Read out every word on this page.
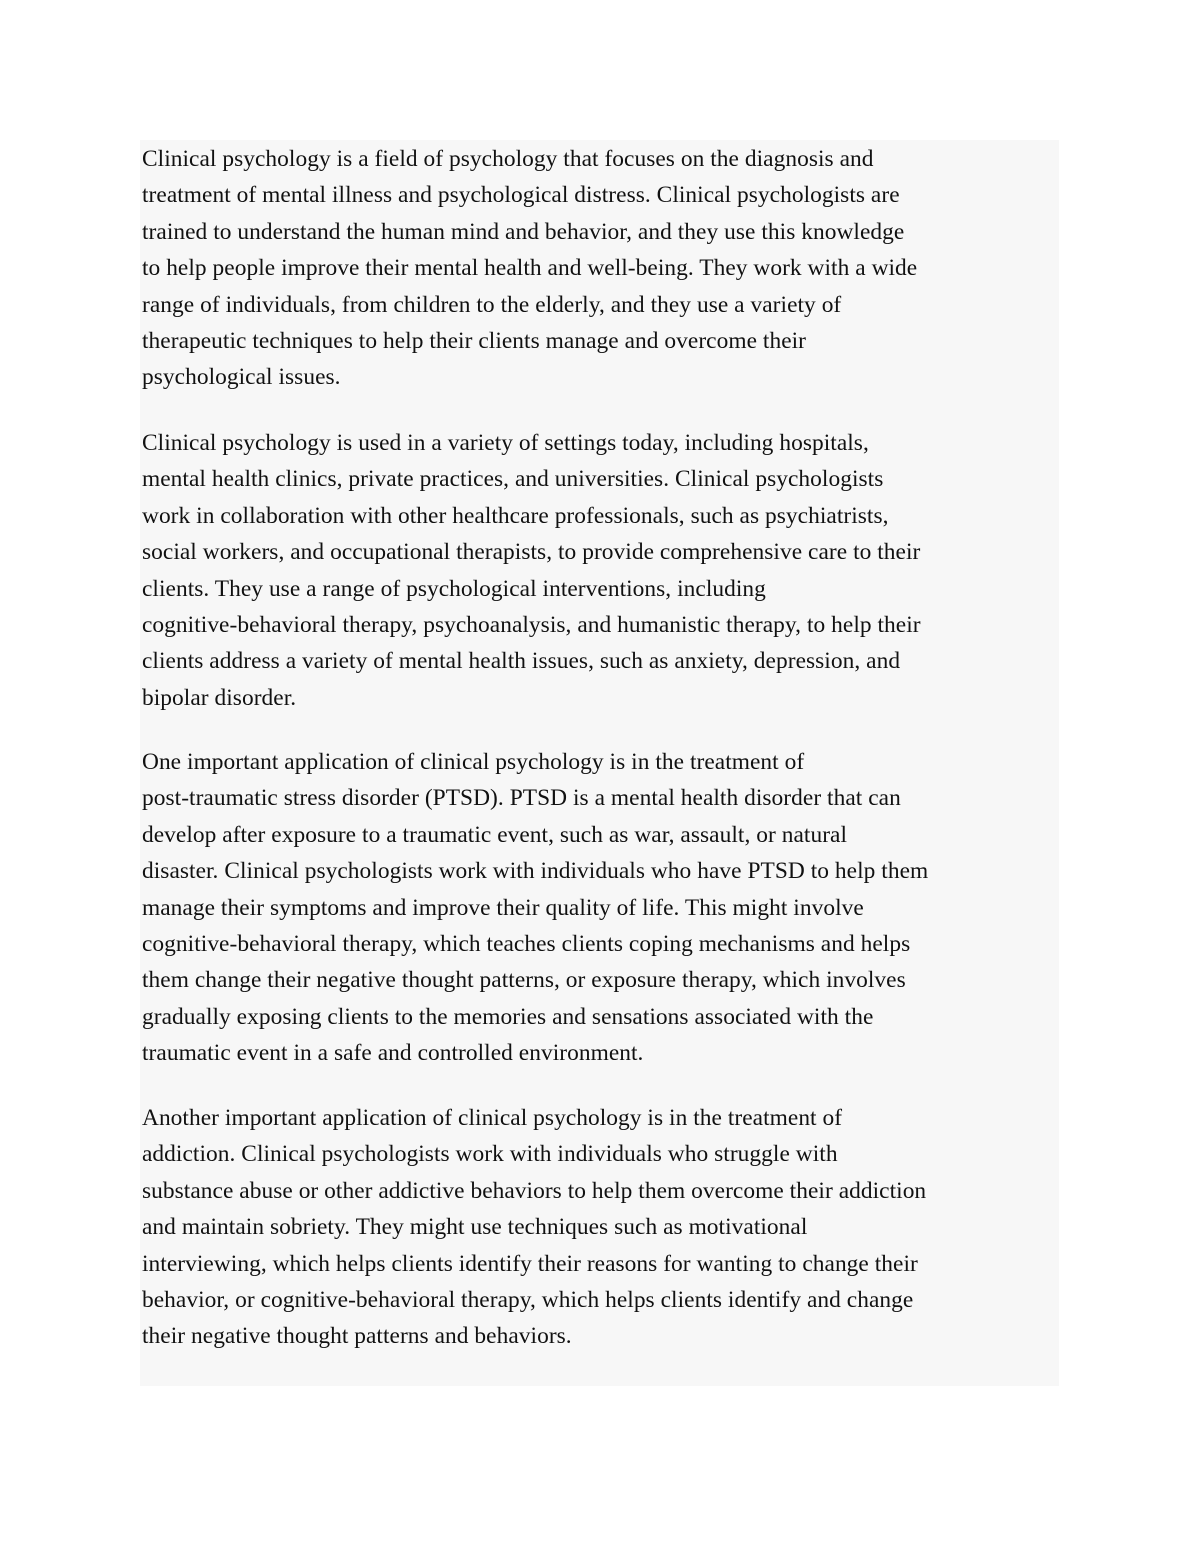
Clinical psychology is a field of psychology that focuses on the diagnosis and
treatment of mental illness and psychological distress. Clinical psychologists are
trained to understand the human mind and behavior, and they use this knowledge
to help people improve their mental health and well-being. They work with a wide
range of individuals, from children to the elderly, and they use a variety of
therapeutic techniques to help their clients manage and overcome their
psychological issues.

Clinical psychology is used in a variety of settings today, including hospitals,
mental health clinics, private practices, and universities. Clinical psychologists
work in collaboration with other healthcare professionals, such as psychiatrists,
social workers, and occupational therapists, to provide comprehensive care to their
clients. They use a range of psychological interventions, including
cognitive-behavioral therapy, psychoanalysis, and humanistic therapy, to help their
clients address a variety of mental health issues, such as anxiety, depression, and
bipolar disorder.

One important application of clinical psychology is in the treatment of
post-traumatic stress disorder (PTSD). PTSD is a mental health disorder that can
develop after exposure to a traumatic event, such as war, assault, or natural
disaster. Clinical psychologists work with individuals who have PTSD to help them
manage their symptoms and improve their quality of life. This might involve
cognitive-behavioral therapy, which teaches clients coping mechanisms and helps
them change their negative thought patterns, or exposure therapy, which involves
gradually exposing clients to the memories and sensations associated with the
traumatic event in a safe and controlled environment.

Another important application of clinical psychology is in the treatment of
addiction. Clinical psychologists work with individuals who struggle with
substance abuse or other addictive behaviors to help them overcome their addiction
and maintain sobriety. They might use techniques such as motivational
interviewing, which helps clients identify their reasons for wanting to change their
behavior, or cognitive-behavioral therapy, which helps clients identify and change
their negative thought patterns and behaviors.
